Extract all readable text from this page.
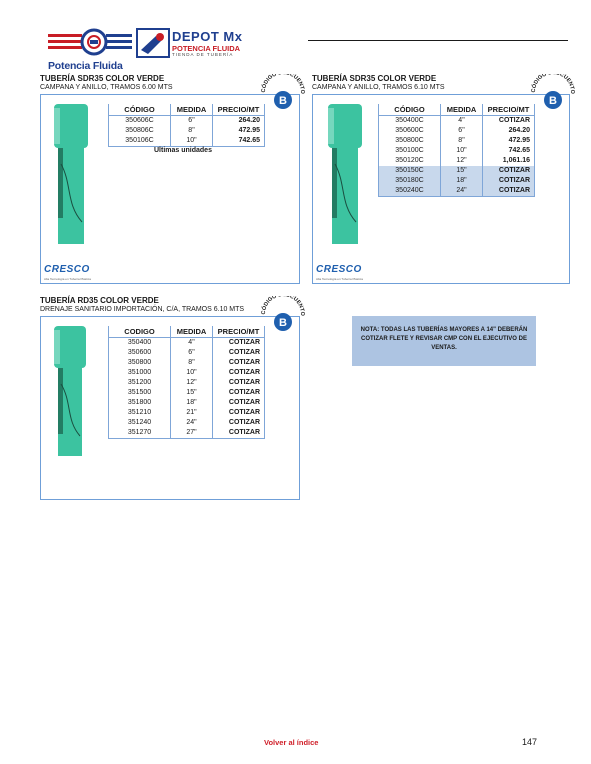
Potencia Fluida
DEPOT Mx
POTENCIA FLUIDA
TIENDA DE TUBERÍA
TUBERÍA SDR35 COLOR VERDE
CAMPANA Y ANILLO, TRAMOS 6.00 MTS	CÓDIGO CUENTO
B
CÓDIGO	MEDIDA	PRECIO/MT
350606C	6"	264.20
350806C	8"	472.95
350106C	10"	742.65
Ultimas unidades
CRESCO
Alta Tecnología en Tubería Plástica
TUBERÍA SDR35 COLOR VERDE
CAMPANA Y ANILLO, TRAMOS 6.10 MTS	CÓDIGO CUENTO
B
CÓDIGO	MEDIDA	PRECIO/MT
350400C	4"	COTIZAR
350600C	6"	264.20
350800C	8"	472.95
350100C	10"	742.65
350120C	12"	1,061.16
350150C	15"	COTIZAR
350180C	18"	COTIZAR
350240C	24"	COTIZAR
CRESCO
Alta Tecnología en Tubería Plástica
TUBERÍA RD35 COLOR VERDE
DRENAJE SANITARIO IMPORTACIÓN, C/A, TRAMOS 6.10 MTS	CÓDIGO CUENTO
B
CODIGO	MEDIDA	PRECIO/MT
350400	4"	COTIZAR
350600	6"	COTIZAR
350800	8"	COTIZAR
351000	10"	COTIZAR
351200	12"	COTIZAR
351500	15"	COTIZAR
351800	18"	COTIZAR
351210	21"	COTIZAR
351240	24"	COTIZAR
351270	27"	COTIZAR

NOTA: TODAS LAS TUBERÍAS MAYORES A 14" DEBERÁN COTIZAR FLETE Y REVISAR CMP CON EL EJECUTIVO DE VENTAS.

Volver al índice	147
